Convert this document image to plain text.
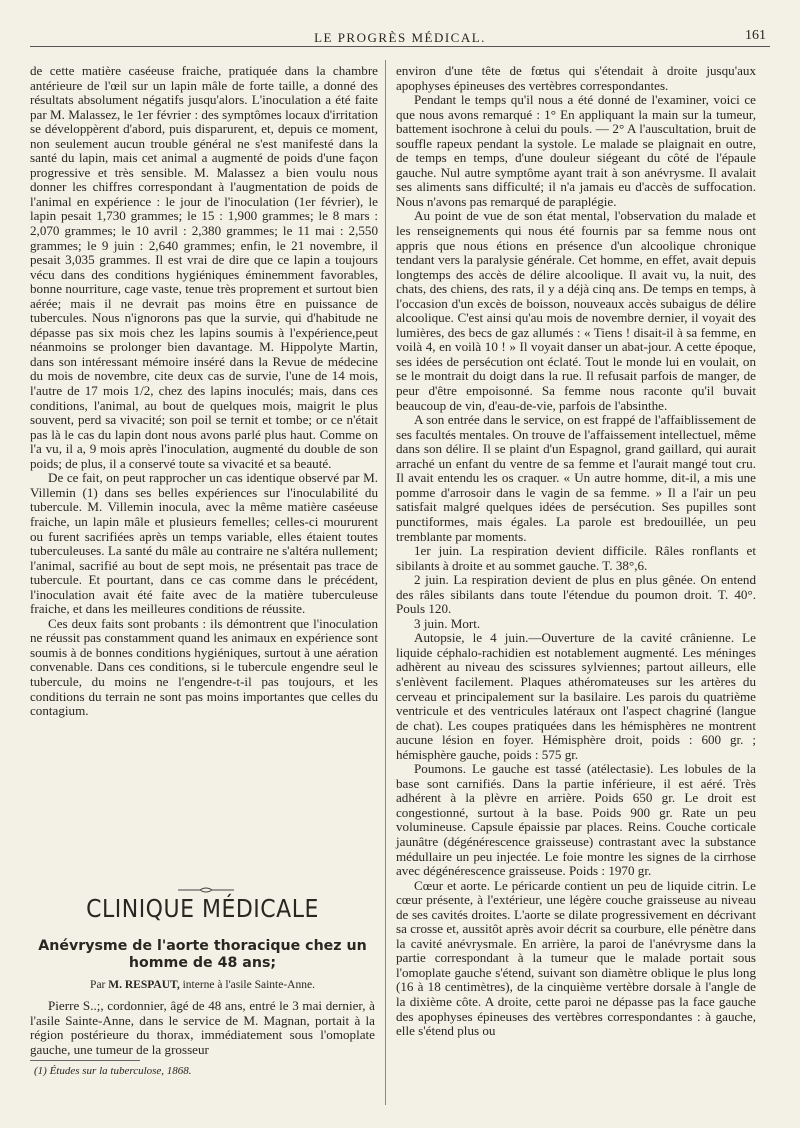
LE PROGRÈS MÉDICAL.	161

de cette matière caséeuse fraiche, pratiquée dans la chambre antérieure de l'œil sur un lapin mâle de forte taille, a donné des résultats absolument négatifs jusqu'alors. L'inoculation a été faite par M. Malassez, le 1er février : des symptômes locaux d'irritation se développèrent d'abord, puis disparurent, et, depuis ce moment, non seulement aucun trouble général ne s'est manifesté dans la santé du lapin, mais cet animal a augmenté de poids d'une façon progressive et très sensible. M. Malassez a bien voulu nous donner les chiffres correspondant à l'augmentation de poids de l'animal en expérience : le jour de l'inoculation (1er février), le lapin pesait 1,730 grammes; le 15 : 1,900 grammes; le 8 mars : 2,070 grammes; le 10 avril : 2,380 grammes; le 11 mai : 2,550 grammes; le 9 juin : 2,640 grammes; enfin, le 21 novembre, il pesait 3,035 grammes. Il est vrai de dire que ce lapin a toujours vécu dans des conditions hygiéniques éminemment favorables, bonne nourriture, cage vaste, tenue très proprement et surtout bien aérée; mais il ne devrait pas moins être en puissance de tubercules. Nous n'ignorons pas que la survie, qui d'habitude ne dépasse pas six mois chez les lapins soumis à l'expérience,peut néanmoins se prolonger bien davantage. M. Hippolyte Martin, dans son intéressant mémoire inséré dans la Revue de médecine du mois de novembre, cite deux cas de survie, l'une de 14 mois, l'autre de 17 mois 1/2, chez des lapins inoculés; mais, dans ces conditions, l'animal, au bout de quelques mois, maigrit le plus souvent, perd sa vivacité; son poil se ternit et tombe; or ce n'était pas là le cas du lapin dont nous avons parlé plus haut. Comme on l'a vu, il a, 9 mois après l'inoculation, augmenté du double de son poids; de plus, il a conservé toute sa vivacité et sa beauté.

De ce fait, on peut rapprocher un cas identique observé par M. Villemin (1) dans ses belles expériences sur l'inoculabilité du tubercule. M. Villemin inocula, avec la même matière caséeuse fraiche, un lapin mâle et plusieurs femelles; celles-ci moururent ou furent sacrifiées après un temps variable, elles étaient toutes tuberculeuses. La santé du mâle au contraire ne s'altéra nullement; l'animal, sacrifié au bout de sept mois, ne présentait pas trace de tubercule. Et pourtant, dans ce cas comme dans le précédent, l'inoculation avait été faite avec de la matière tuberculeuse fraiche, et dans les meilleures conditions de réussite.

Ces deux faits sont probants : ils démontrent que l'inoculation ne réussit pas constamment quand les animaux en expérience sont soumis à de bonnes conditions hygiéniques, surtout à une aération convenable. Dans ces conditions, si le tubercule engendre seul le tubercule, du moins ne l'engendre-t-il pas toujours, et les conditions du terrain ne sont pas moins importantes que celles du contagium.

CLINIQUE MÉDICALE
Anévrysme de l'aorte thoracique chez un homme de 48 ans;
Par M. RESPAUT, interne à l'asile Sainte-Anne.

Pierre S..;, cordonnier, âgé de 48 ans, entré le 3 mai dernier, à l'asile Sainte-Anne, dans le service de M. Magnan, portait à la région postérieure du thorax, immédiatement sous l'omoplate gauche, une tumeur de la grosseur

(1) Études sur la tuberculose, 1868.

environ d'une tête de fœtus qui s'étendait à droite jusqu'aux apophyses épineuses des vertèbres correspondantes.

Pendant le temps qu'il nous a été donné de l'examiner, voici ce que nous avons remarqué : 1° En appliquant la main sur la tumeur, battement isochrone à celui du pouls. — 2° A l'auscultation, bruit de souffle rapeux pendant la systole. Le malade se plaignait en outre, de temps en temps, d'une douleur siégeant du côté de l'épaule gauche. Nul autre symptôme ayant trait à son anévrysme. Il avalait ses aliments sans difficulté; il n'a jamais eu d'accès de suffocation. Nous n'avons pas remarqué de paraplégie.

Au point de vue de son état mental, l'observation du malade et les renseignements qui nous été fournis par sa femme nous ont appris que nous étions en présence d'un alcoolique chronique tendant vers la paralysie générale. Cet homme, en effet, avait depuis longtemps des accès de délire alcoolique. Il avait vu, la nuit, des chats, des chiens, des rats, il y a déjà cinq ans. De temps en temps, à l'occasion d'un excès de boisson, nouveaux accès subaigus de délire alcoolique. C'est ainsi qu'au mois de novembre dernier, il voyait des lumières, des becs de gaz allumés : « Tiens ! disait-il à sa femme, en voilà 4, en voilà 10 ! » Il voyait danser un abat-jour. A cette époque, ses idées de persécution ont éclaté. Tout le monde lui en voulait, on se le montrait du doigt dans la rue. Il refusait parfois de manger, de peur d'être empoisonné. Sa femme nous raconte qu'il buvait beaucoup de vin, d'eau-de-vie, parfois de l'absinthe.

A son entrée dans le service, on est frappé de l'affaiblissement de ses facultés mentales. On trouve de l'affaissement intellectuel, même dans son délire. Il se plaint d'un Espagnol, grand gaillard, qui aurait arraché un enfant du ventre de sa femme et l'aurait mangé tout cru. Il avait entendu les os craquer. « Un autre homme, dit-il, a mis une pomme d'arrosoir dans le vagin de sa femme. » Il a l'air un peu satisfait malgré quelques idées de persécution. Ses pupilles sont punctiformes, mais égales. La parole est bredouillée, un peu tremblante par moments.

1er juin. La respiration devient difficile. Râles ronflants et sibilants à droite et au sommet gauche. T. 38°,6.

2 juin. La respiration devient de plus en plus gênée. On entend des râles sibilants dans toute l'étendue du poumon droit. T. 40°. Pouls 120.

3 juin. Mort.

Autopsie, le 4 juin.—Ouverture de la cavité crânienne. Le liquide céphalo-rachidien est notablement augmenté. Les méninges adhèrent au niveau des scissures sylviennes; partout ailleurs, elle s'enlèvent facilement. Plaques athéromateuses sur les artères du cerveau et principalement sur la basilaire. Les parois du quatrième ventricule et des ventricules latéraux ont l'aspect chagriné (langue de chat). Les coupes pratiquées dans les hémisphères ne montrent aucune lésion en foyer. Hémisphère droit, poids : 600 gr. ; hémisphère gauche, poids : 575 gr.

Poumons. Le gauche est tassé (atélectasie). Les lobules de la base sont carnifiés. Dans la partie inférieure, il est aéré. Très adhérent à la plèvre en arrière. Poids 650 gr. Le droit est congestionné, surtout à la base. Poids 900 gr. Rate un peu volumineuse. Capsule épaissie par places. Reins. Couche corticale jaunâtre (dégénérescence graisseuse) contrastant avec la substance médullaire un peu injectée. Le foie montre les signes de la cirrhose avec dégénérescence graisseuse. Poids : 1970 gr.

Cœur et aorte. Le péricarde contient un peu de liquide citrin. Le cœur présente, à l'extérieur, une légère couche graisseuse au niveau de ses cavités droites. L'aorte se dilate progressivement en décrivant sa crosse et, aussitôt après avoir décrit sa courbure, elle pénètre dans la cavité anévrysmale. En arrière, la paroi de l'anévrysme dans la partie correspondant à la tumeur que le malade portait sous l'omoplate gauche s'étend, suivant son diamètre oblique le plus long (16 à 18 centimètres), de la cinquième vertèbre dorsale à l'angle de la dixième côte. A droite, cette paroi ne dépasse pas la face gauche des apophyses épineuses des vertèbres correspondantes : à gauche, elle s'étend plus ou
